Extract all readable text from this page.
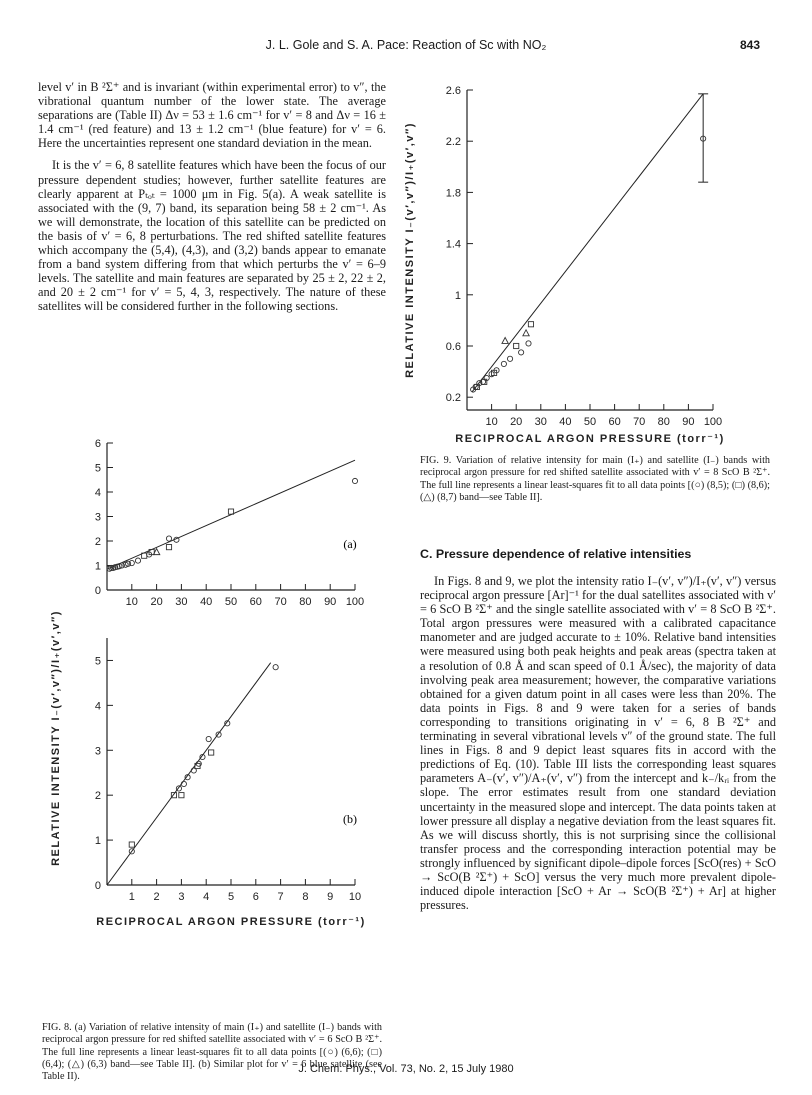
J. L. Gole and S. A. Pace: Reaction of Sc with NO₂	843

level v′ in B ²Σ⁺ and is invariant (within experimental error) to v″, the vibrational quantum number of the lower state. The average separations are (Table II) Δν = 53 ± 1.6 cm⁻¹ for v′ = 8 and Δν = 16 ± 1.4 cm⁻¹ (red feature) and 13 ± 1.2 cm⁻¹ (blue feature) for v′ = 6. Here the uncertainties represent one standard deviation in the mean.

It is the v′ = 6, 8 satellite features which have been the focus of our pressure dependent studies; however, further satellite features are clearly apparent at Pₜₒₜ = 1000 μm in Fig. 5(a). A weak satellite is associated with the (9, 7) band, its separation being 58 ± 2 cm⁻¹. As we will demonstrate, the location of this satellite can be predicted on the basis of v′ = 6, 8 perturbations. The red shifted satellite features which accompany the (5,4), (4,3), and (3,2) bands appear to emanate from a band system differing from that which perturbs the v′ = 6–9 levels. The satellite and main features are separated by 25 ± 2, 22 ± 2, and 20 ± 2 cm⁻¹ for v′ = 5, 4, 3, respectively. The nature of these satellites will be considered further in the following sections.

10 20 30 40 50 60 70 80 90 100
0.2
0.6
1
1.4
1.8
2.2
2.6
RECIPROCAL ARGON PRESSURE (torr⁻¹)
RELATIVE INTENSITY I₋(v′,v″)/I₊(v′,v″)
FIG. 9. Variation of relative intensity for main (I₊) and satellite (I₋) bands with reciprocal argon pressure for red shifted satellite associated with v′ = 8 ScO B ²Σ⁺. The full line represents a linear least-squares fit to all data points [(○) (8,5); (□) (8,6); (△) (8,7) band—see Table II].
C. Pressure dependence of relative intensities

In Figs. 8 and 9, we plot the intensity ratio I₋(v′, v″)/I₊(v′, v″) versus reciprocal argon pressure [Ar]⁻¹ for the dual satellites associated with v′ = 6 ScO B ²Σ⁺ and the single satellite associated with v′ = 8 ScO B ²Σ⁺. Total argon pressures were measured with a calibrated capacitance manometer and are judged accurate to ± 10%. Relative band intensities were measured using both peak heights and peak areas (spectra taken at a resolution of 0.8 Å and scan speed of 0.1 Å/sec), the majority of data involving peak area measurement; however, the comparative variations obtained for a given datum point in all cases were less than 20%. The data points in Figs. 8 and 9 were taken for a series of bands corresponding to transitions originating in v′ = 6, 8 B ²Σ⁺ and terminating in several vibrational levels v″ of the ground state. The full lines in Figs. 8 and 9 depict least squares fits in accord with the predictions of Eq. (10). Table III lists the corresponding least squares parameters A₋(v′, v″)/A₊(v′, v″) from the intercept and k₋/kᵣᵢ from the slope. The error estimates result from one standard deviation uncertainty in the measured slope and intercept. The data points taken at lower pressure all display a negative deviation from the least squares fit. As we will discuss shortly, this is not surprising since the collisional transfer process and the corresponding interaction potential may be strongly influenced by significant dipole–dipole forces [ScO(res) + ScO → ScO(B ²Σ⁺) + ScO] versus the very much more prevalent dipole-induced dipole interaction [ScO + Ar → ScO(B ²Σ⁺) + Ar] at higher pressures.

10 20 30 40 50 60 70 80 90 100
0
1
2
3
4
5
6
(a)
1 2 3 4 5 6 7 8 9 10
0
1
2
3
4
5
(b)
RECIPROCAL ARGON PRESSURE (torr⁻¹)
RELATIVE INTENSITY I₋(v′,v″)/I₊(v′,v″)
FIG. 8. (a) Variation of relative intensity of main (I₊) and satellite (I₋) bands with reciprocal argon pressure for red shifted satellite associated with v′ = 6 ScO B ²Σ⁺. The full line represents a linear least-squares fit to all data points [(○) (6,6); (□) (6,4); (△) (6,3) band—see Table II]. (b) Similar plot for v′ = 6 blue satellite (see Table II).
J. Chem. Phys., Vol. 73, No. 2, 15 July 1980
